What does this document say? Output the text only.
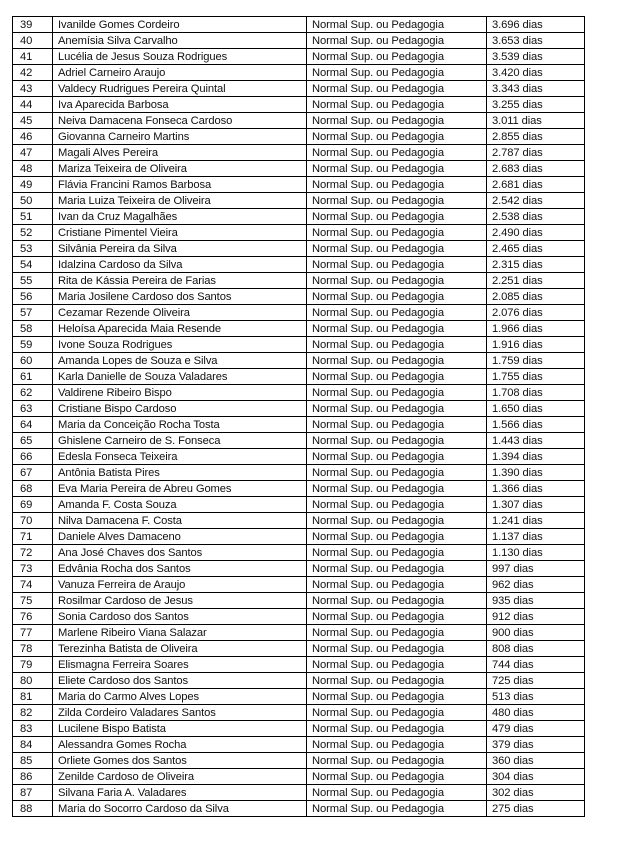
39	Ivanilde Gomes Cordeiro	Normal Sup. ou Pedagogia	3.696 dias
40	Anemísia Silva Carvalho	Normal Sup. ou Pedagogia	3.653 dias
41	Lucélia de Jesus Souza Rodrigues	Normal Sup. ou Pedagogia	3.539 dias
42	Adriel Carneiro Araujo	Normal Sup. ou Pedagogia	3.420 dias
43	Valdecy Rudrigues Pereira Quintal	Normal Sup. ou Pedagogia	3.343 dias
44	Iva Aparecida Barbosa	Normal Sup. ou Pedagogia	3.255 dias
45	Neiva Damacena Fonseca Cardoso	Normal Sup. ou Pedagogia	3.011 dias
46	Giovanna Carneiro Martins	Normal Sup. ou Pedagogia	2.855 dias
47	Magali Alves Pereira	Normal Sup. ou Pedagogia	2.787 dias
48	Mariza Teixeira de Oliveira	Normal Sup. ou Pedagogia	2.683 dias
49	Flávia Francini Ramos Barbosa	Normal Sup. ou Pedagogia	2.681 dias
50	Maria Luiza Teixeira de Oliveira	Normal Sup. ou Pedagogia	2.542 dias
51	Ivan da Cruz Magalhães	Normal Sup. ou Pedagogia	2.538 dias
52	Cristiane Pimentel Vieira	Normal Sup. ou Pedagogia	2.490 dias
53	Silvânia Pereira da Silva	Normal Sup. ou Pedagogia	2.465 dias
54	Idalzina Cardoso da Silva	Normal Sup. ou Pedagogia	2.315 dias
55	Rita de Kássia Pereira de Farias	Normal Sup. ou Pedagogia	2.251 dias
56	Maria Josilene Cardoso dos Santos	Normal Sup. ou Pedagogia	2.085 dias
57	Cezamar Rezende Oliveira	Normal Sup. ou Pedagogia	2.076 dias
58	Heloísa Aparecida Maia Resende	Normal Sup. ou Pedagogia	1.966 dias
59	Ivone Souza Rodrigues	Normal Sup. ou Pedagogia	1.916 dias
60	Amanda Lopes de Souza e Silva	Normal Sup. ou Pedagogia	1.759 dias
61	Karla Danielle de Souza Valadares	Normal Sup. ou Pedagogia	1.755 dias
62	Valdirene Ribeiro Bispo	Normal Sup. ou Pedagogia	1.708 dias
63	Cristiane Bispo Cardoso	Normal Sup. ou Pedagogia	1.650 dias
64	Maria da Conceição Rocha Tosta	Normal Sup. ou Pedagogia	1.566 dias
65	Ghislene Carneiro de S. Fonseca	Normal Sup. ou Pedagogia	1.443 dias
66	Edesla Fonseca Teixeira	Normal Sup. ou Pedagogia	1.394 dias
67	Antônia Batista Pires	Normal Sup. ou Pedagogia	1.390 dias
68	Eva Maria Pereira de Abreu Gomes	Normal Sup. ou Pedagogia	1.366 dias
69	Amanda F. Costa Souza	Normal Sup. ou Pedagogia	1.307 dias
70	Nilva Damacena F. Costa	Normal Sup. ou Pedagogia	1.241 dias
71	Daniele Alves Damaceno	Normal Sup. ou Pedagogia	1.137 dias
72	Ana José Chaves dos Santos	Normal Sup. ou Pedagogia	1.130 dias
73	Edvânia Rocha dos Santos	Normal Sup. ou Pedagogia	997 dias
74	Vanuza Ferreira de Araujo	Normal Sup. ou Pedagogia	962 dias
75	Rosilmar Cardoso de Jesus	Normal Sup. ou Pedagogia	935 dias
76	Sonia Cardoso dos Santos	Normal Sup. ou Pedagogia	912 dias
77	Marlene Ribeiro Viana Salazar	Normal Sup. ou Pedagogia	900 dias
78	Terezinha Batista de Oliveira	Normal Sup. ou Pedagogia	808 dias
79	Elismagna Ferreira Soares	Normal Sup. ou Pedagogia	744 dias
80	Eliete Cardoso dos Santos	Normal Sup. ou Pedagogia	725 dias
81	Maria do Carmo Alves Lopes	Normal Sup. ou Pedagogia	513 dias
82	Zilda Cordeiro Valadares Santos	Normal Sup. ou Pedagogia	480 dias
83	Lucilene Bispo Batista	Normal Sup. ou Pedagogia	479 dias
84	Alessandra Gomes Rocha	Normal Sup. ou Pedagogia	379 dias
85	Orliete Gomes dos Santos	Normal Sup. ou Pedagogia	360 dias
86	Zenilde Cardoso de Oliveira	Normal Sup. ou Pedagogia	304 dias
87	Silvana Faria A. Valadares	Normal Sup. ou Pedagogia	302 dias
88	Maria do Socorro Cardoso da Silva	Normal Sup. ou Pedagogia	275 dias
